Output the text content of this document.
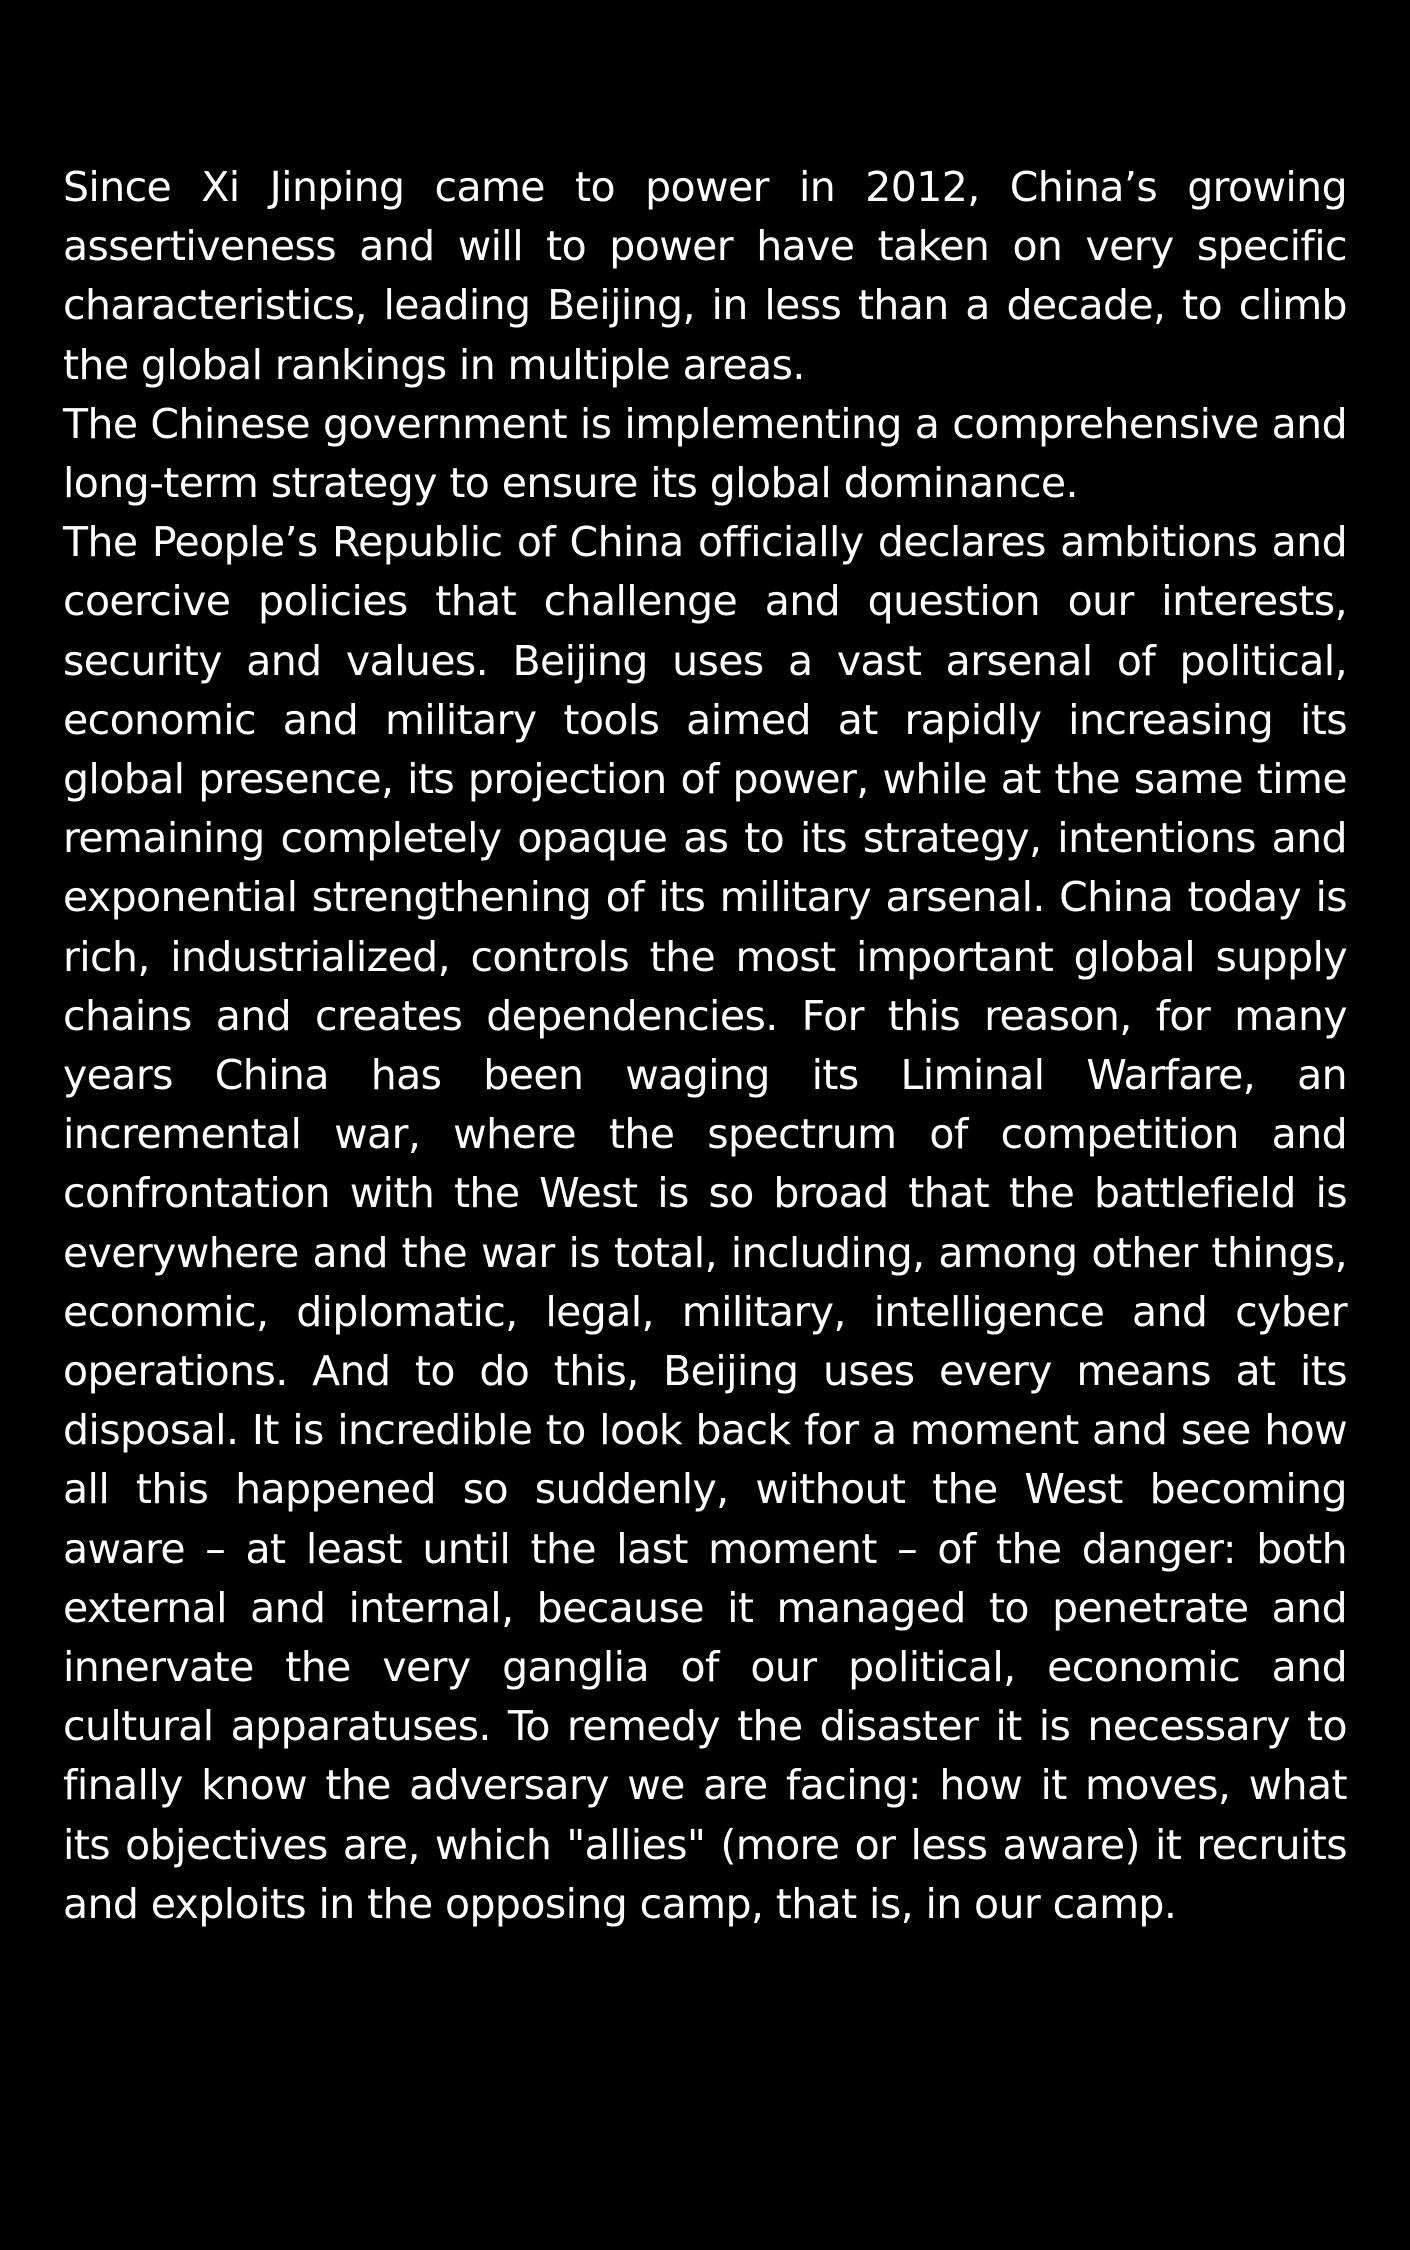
Since Xi Jinping came to power in 2012, China’s growing assertiveness and will to power have taken on very specific characteristics, leading Beijing, in less than a decade, to climb the global rankings in multiple areas.

The Chinese government is implementing a comprehensive and long-term strategy to ensure its global dominance.

The People’s Republic of China officially declares ambitions and coercive policies that challenge and question our interests, security and values. Beijing uses a vast arsenal of political, economic and military tools aimed at rapidly increasing its global presence, its projection of power, while at the same time remaining completely opaque as to its strategy, intentions and exponential strengthening of its military arsenal. China today is rich, industrialized, controls the most important global supply chains and creates dependencies. For this reason, for many years China has been waging its Liminal Warfare, an incremental war, where the spectrum of competition and confrontation with the West is so broad that the battlefield is everywhere and the war is total, including, among other things, economic, diplomatic, legal, military, intelligence and cyber operations. And to do this, Beijing uses every means at its disposal. It is incredible to look back for a moment and see how all this happened so suddenly, without the West becoming aware – at least until the last moment – of the danger: both external and internal, because it managed to penetrate and innervate the very ganglia of our political, economic and cultural apparatuses. To remedy the disaster it is necessary to finally know the adversary we are facing: how it moves, what its objectives are, which "allies" (more or less aware) it recruits and exploits in the opposing camp, that is, in our camp.
